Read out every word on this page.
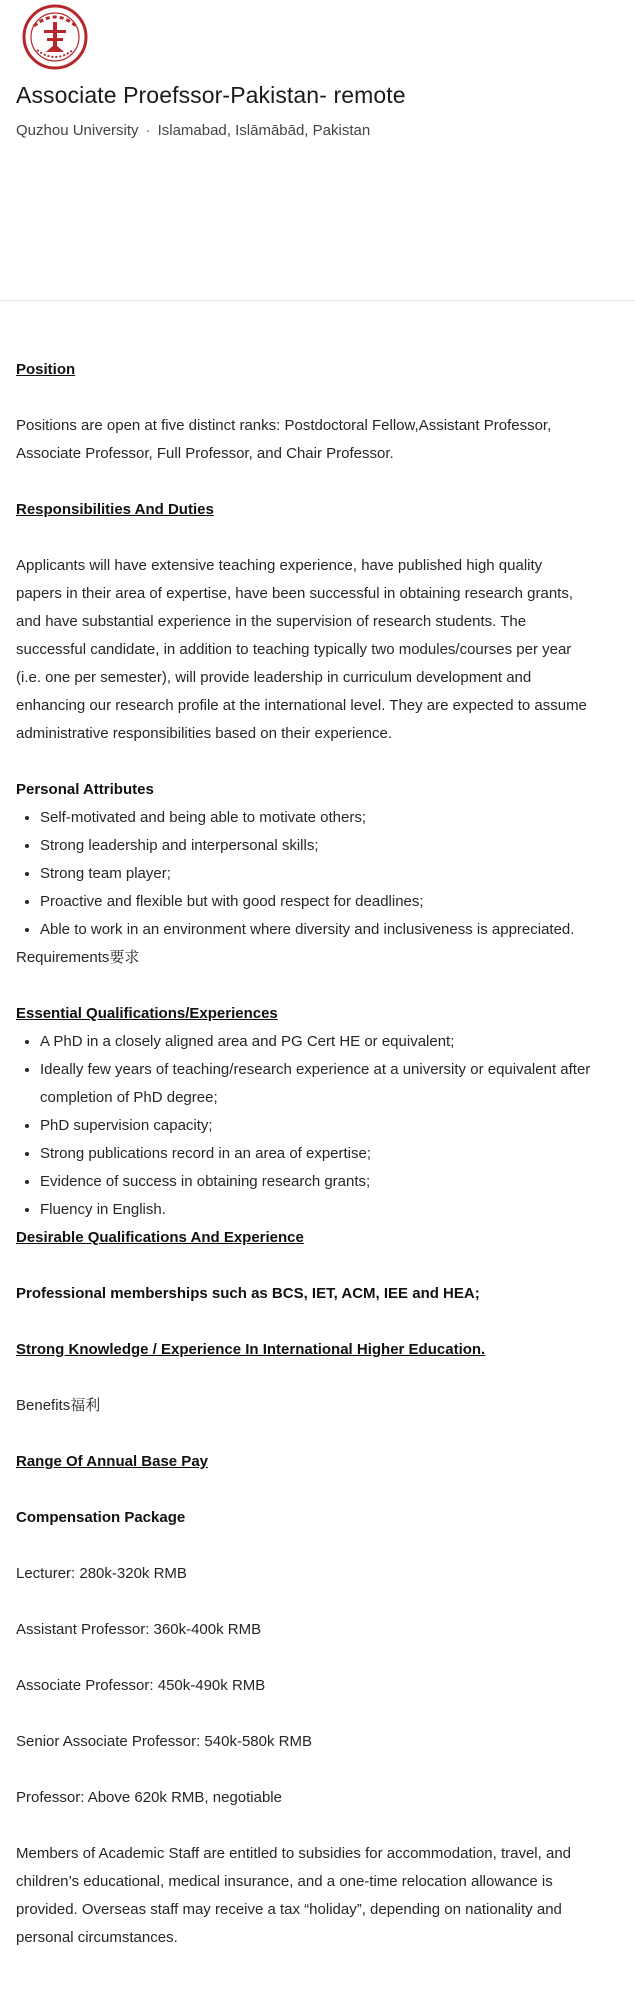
Associate Proefssor-Pakistan- remote
Quzhou University · Islamabad, Islāmābād, Pakistan

Position

Positions are open at five distinct ranks: Postdoctoral Fellow,Assistant Professor, Associate Professor, Full Professor, and Chair Professor.

Responsibilities And Duties

Applicants will have extensive teaching experience, have published high quality papers in their area of expertise, have been successful in obtaining research grants, and have substantial experience in the supervision of research students. The successful candidate, in addition to teaching typically two modules/courses per year (i.e. one per semester), will provide leadership in curriculum development and enhancing our research profile at the international level. They are expected to assume administrative responsibilities based on their experience.

Personal Attributes

• Self-motivated and being able to motivate others;
• Strong leadership and interpersonal skills;
• Strong team player;
• Proactive and flexible but with good respect for deadlines;
• Able to work in an environment where diversity and inclusiveness is appreciated.

Requirements要求

Essential Qualifications/Experiences

• A PhD in a closely aligned area and PG Cert HE or equivalent;
• Ideally few years of teaching/research experience at a university or equivalent after completion of PhD degree;
• PhD supervision capacity;
• Strong publications record in an area of expertise;
• Evidence of success in obtaining research grants;
• Fluency in English.

Desirable Qualifications And Experience

Professional memberships such as BCS, IET, ACM, IEE and HEA;

Strong Knowledge / Experience In International Higher Education.

Benefits福利

Range Of Annual Base Pay

Compensation Package

Lecturer: 280k-320k RMB

Assistant Professor: 360k-400k RMB

Associate Professor: 450k-490k RMB

Senior Associate Professor: 540k-580k RMB

Professor: Above 620k RMB, negotiable

Members of Academic Staff are entitled to subsidies for accommodation, travel, and children’s educational, medical insurance, and a one-time relocation allowance is provided. Overseas staff may receive a tax “holiday”, depending on nationality and personal circumstances.
